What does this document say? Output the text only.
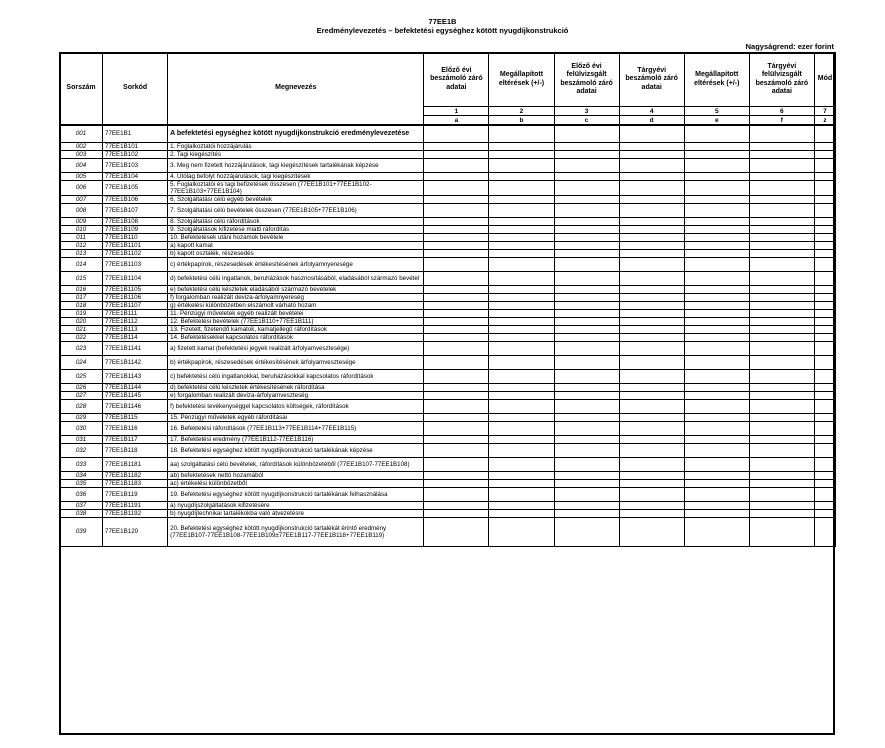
77EE1B
Eredménylevezetés – befektetési egységhez kötött nyugdíjkonstrukció
Nagyságrend: ezer forint
Sorszám	Sorkód	Megnevezés	Előző évi beszámoló záró adatai	Megállapított eltérések (+/-)	Előző évi felülvizsgált beszámoló záró adatai	Tárgyévi beszámoló záró adatai	Megállapított eltérések (+/-)	Tárgyévi felülvizsgált beszámoló záró adatai	Mód
			1	2	3	4	5	6	7
			a	b	c	d	e	f	z
001	77EE1B1	A befektetési egységhez kötött nyugdíjkonstrukció eredménylevezetése							
002	77EE1B101	1. Foglalkoztatói hozzájárulás							
003	77EE1B102	2. Tagi kiegészítés							
004	77EE1B103	3. Meg nem fizetett hozzájárulások, tagi kiegészítések tartalékának képzése							
005	77EE1B104	4. Utólag befolyt hozzájárulások, tagi kiegészítések							
006	77EE1B105	5. Foglalkoztatói és tagi befizetések összesen (77EE1B101+77EE1B102-77EE1B103+77EE1B104)							
007	77EE1B106	6. Szolgáltatási célú egyéb bevételek							
008	77EE1B107	7. Szolgáltatási célú bevételek összesen (77EE1B105+77EE1B106)							
009	77EE1B108	8. Szolgáltatási célú ráfordítások							
010	77EE1B109	9. Szolgáltatások kifizetése miatti ráfordítás							
011	77EE1B110	10. Befektetések utáni hozamok bevétele							
012	77EE1B1101	a) kapott kamat							
013	77EE1B1102	b) kapott osztalék, részesedés							
014	77EE1B1103	c) értékpapírok, részesedések értékesítésének árfolyamnyeresége							
015	77EE1B1104	d) befektetési célú ingatlanok, beruházások hasznosításából, eladásából származó bevétel							
016	77EE1B1105	e) befektetési célú készletek eladásából származó bevételek							
017	77EE1B1106	f) forgalomban realizált deviza-árfolyamnyereség							
018	77EE1B1107	g) értékelési különbözetben elszámolt várható hozam							
019	77EE1B111	11. Pénzügyi műveletek egyéb realizált bevételei							
020	77EE1B112	12. Befektetési bevételek (77EE1B110+77EE1B111)							
021	77EE1B113	13. Fizetett, fizetendő kamatok, kamatjellegű ráfordítások							
022	77EE1B114	14. Befektetésekkel kapcsolatos ráfordítások							
023	77EE1B1141	a) fizetett kamat (befektetési jegyek realizált árfolyamvesztesége)							
024	77EE1B1142	b) értékpapírok, részesedések értékesítésének árfolyamvesztesége							
025	77EE1B1143	c) befektetési célú ingatlanokkal, beruházásokkal kapcsolatos ráfordítások							
026	77EE1B1144	d) befektetési célú készletek értékesítésének ráfordítása							
027	77EE1B1145	e) forgalomban realizált deviza-árfolyamveszteség							
028	77EE1B1146	f) befektetési tevékenységgel kapcsolatos költségek, ráfordítások							
029	77EE1B115	15. Pénzügyi műveletek egyéb ráfordításai							
030	77EE1B116	16. Befektetési ráfordítások (77EE1B113+77EE1B114+77EE1B115)							
031	77EE1B117	17. Befektetési eredmény (77EE1B112-77EE1B116)							
032	77EE1B118	18. Befektetési egységhez kötött nyugdíjkonstrukció tartalékának képzése							
033	77EE1B1181	aa) szolgáltatási célú bevételek, ráfordítások különbözetéből (77EE1B107-77EE1B108)							
034	77EE1B1182	ab) befektetések nettó hozamából							
035	77EE1B1183	ac) értékelési különbözetből							
036	77EE1B119	19. Befektetési egységhez kötött nyugdíjkonstrukció tartalékának felhasználása							
037	77EE1B1191	a) nyugdíjszolgáltatások kifizetésére							
038	77EE1B1192	b) nyugdíjtechnikai tartalékokba való átvezetésre							
039	77EE1B120	20. Befektetési egységhez kötött nyugdíjkonstrukció tartalékát érintő eredmény (77EE1B107-77EE1B108-77EE1B109±77EE1B117-77EE1B118+77EE1B119)							
